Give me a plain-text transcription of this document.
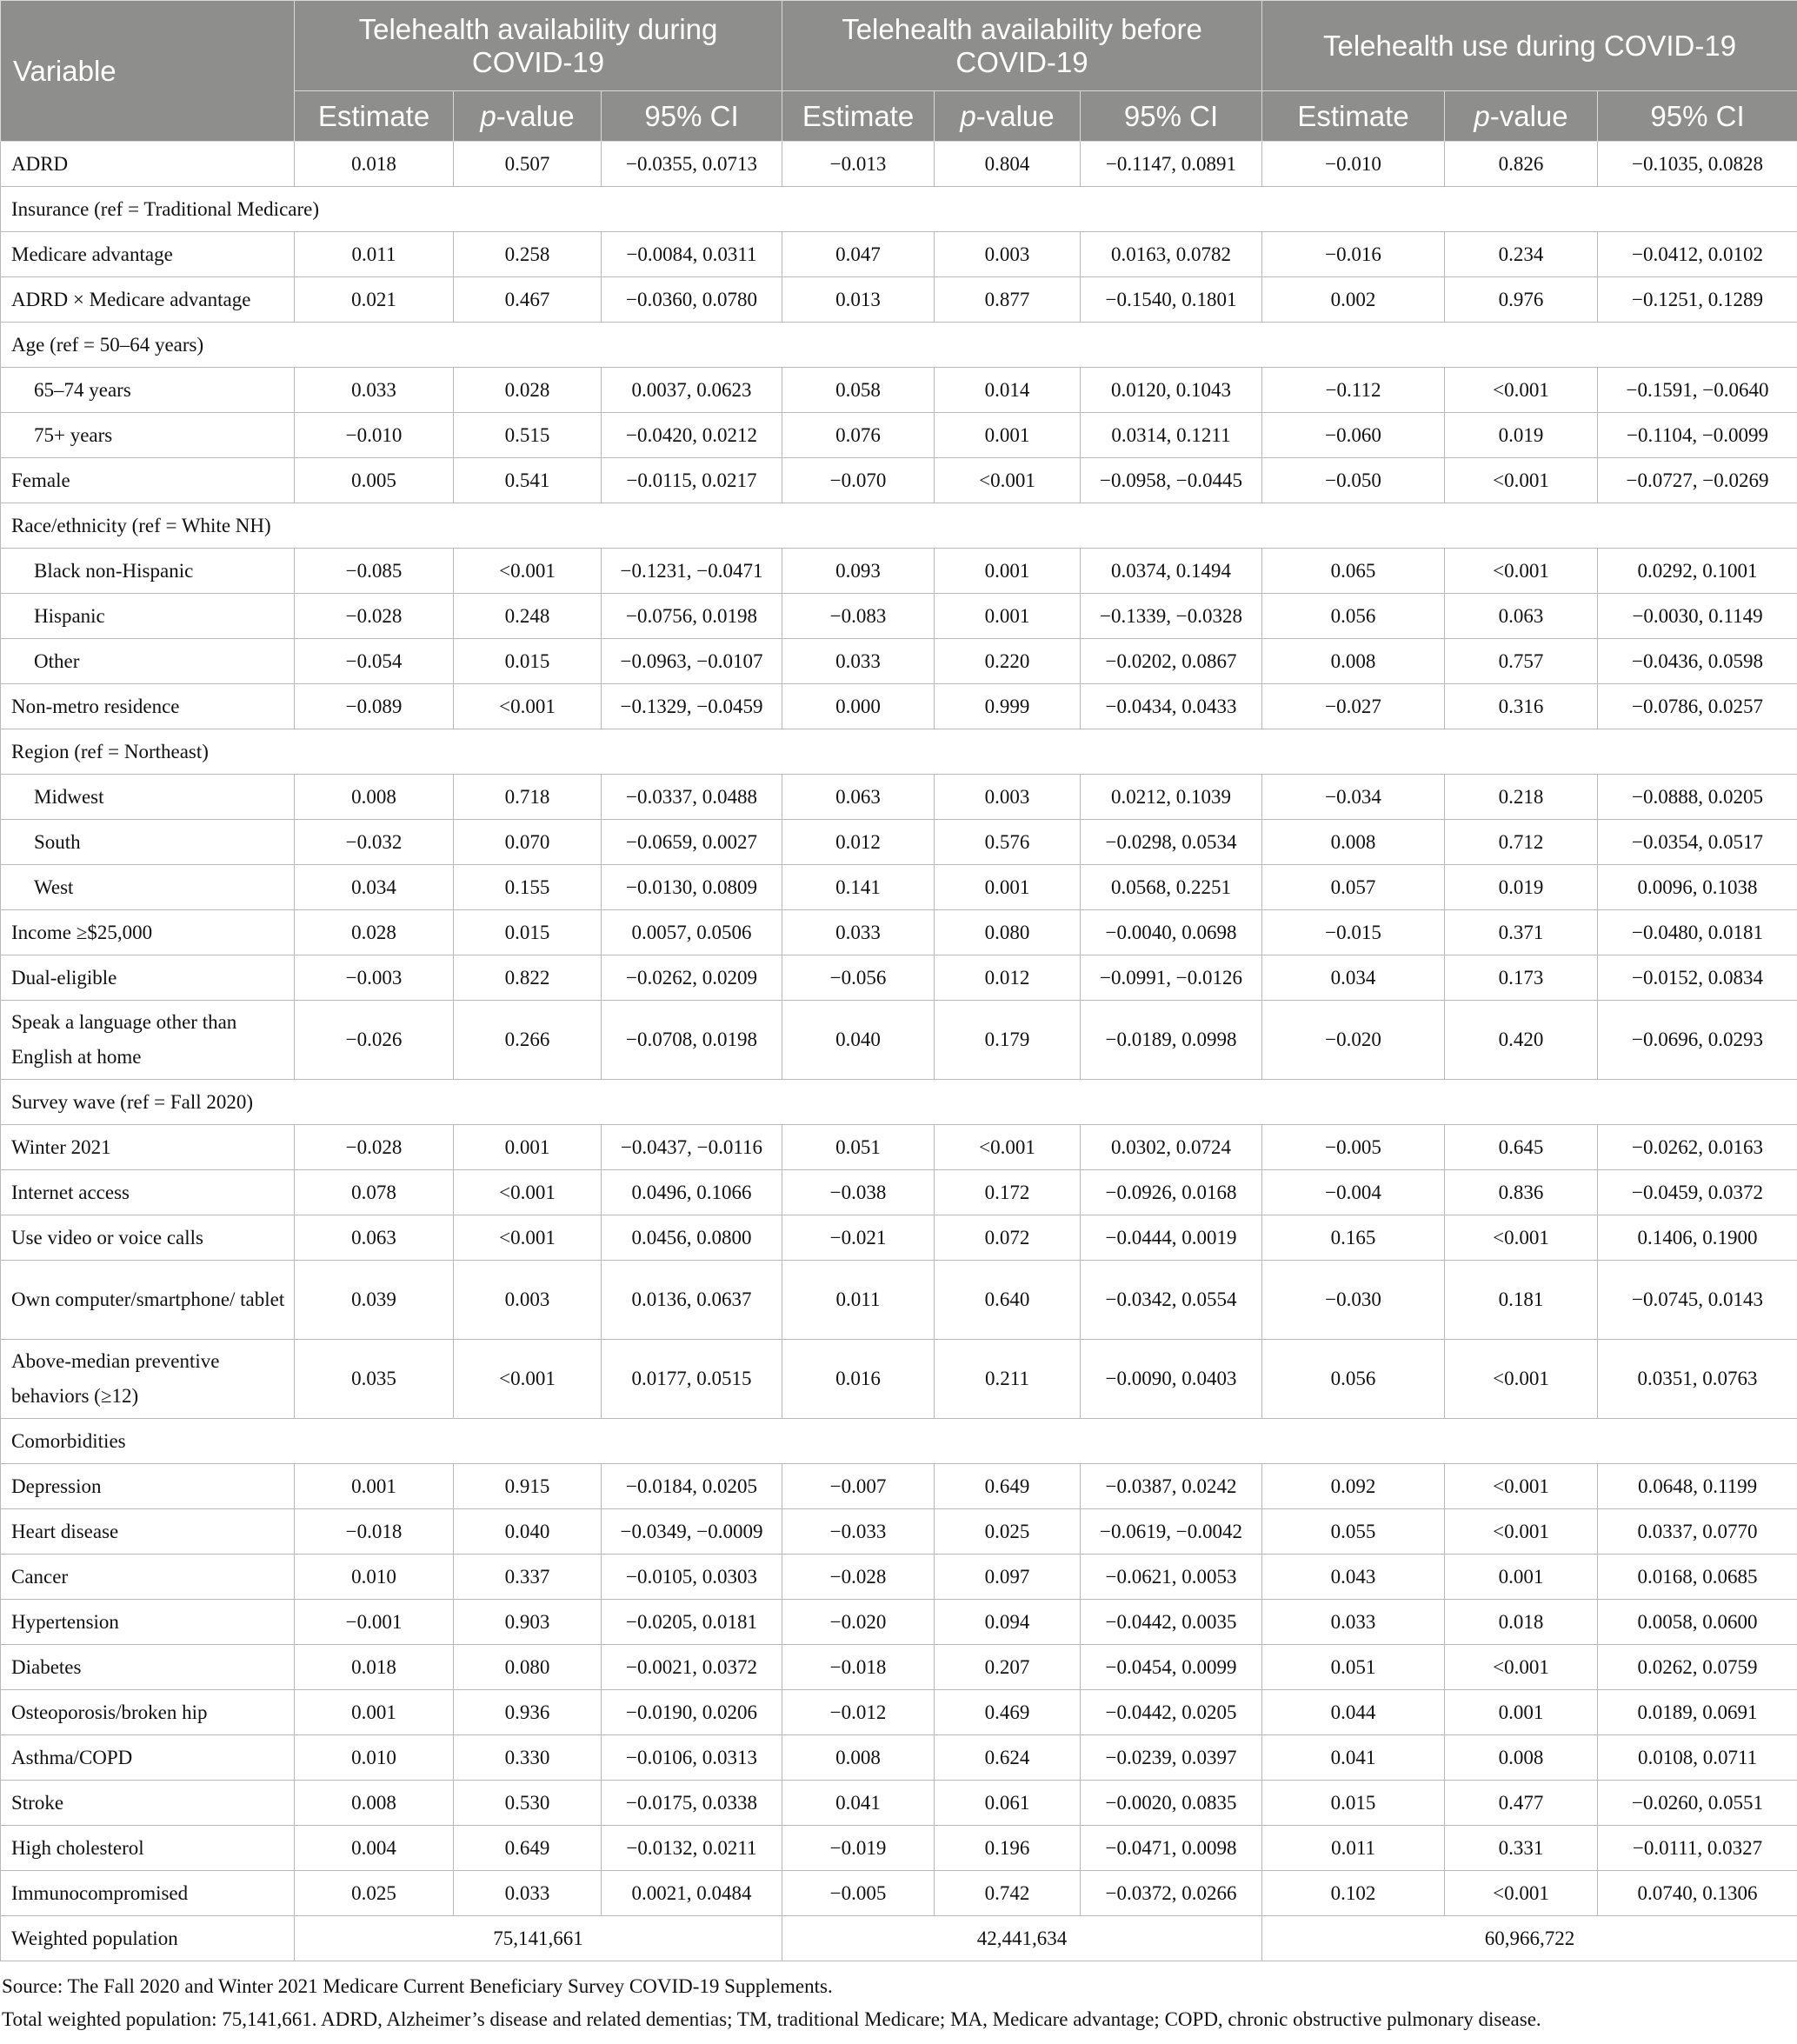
Variable	Telehealth availability during COVID-19			Telehealth availability before COVID-19			Telehealth use during COVID-19		
	Estimate	p-value	95% CI	Estimate	p-value	95% CI	Estimate	p-value	95% CI
ADRD	0.018	0.507	−0.0355, 0.0713	−0.013	0.804	−0.1147, 0.0891	−0.010	0.826	−0.1035, 0.0828
Insurance (ref = Traditional Medicare)									
Medicare advantage	0.011	0.258	−0.0084, 0.0311	0.047	0.003	0.0163, 0.0782	−0.016	0.234	−0.0412, 0.0102
ADRD × Medicare advantage	0.021	0.467	−0.0360, 0.0780	0.013	0.877	−0.1540, 0.1801	0.002	0.976	−0.1251, 0.1289
Age (ref = 50–64 years)									
65–74 years	0.033	0.028	0.0037, 0.0623	0.058	0.014	0.0120, 0.1043	−0.112	<0.001	−0.1591, −0.0640
75+ years	−0.010	0.515	−0.0420, 0.0212	0.076	0.001	0.0314, 0.1211	−0.060	0.019	−0.1104, −0.0099
Female	0.005	0.541	−0.0115, 0.0217	−0.070	<0.001	−0.0958, −0.0445	−0.050	<0.001	−0.0727, −0.0269
Race/ethnicity (ref = White NH)									
Black non-Hispanic	−0.085	<0.001	−0.1231, −0.0471	0.093	0.001	0.0374, 0.1494	0.065	<0.001	0.0292, 0.1001
Hispanic	−0.028	0.248	−0.0756, 0.0198	−0.083	0.001	−0.1339, −0.0328	0.056	0.063	−0.0030, 0.1149
Other	−0.054	0.015	−0.0963, −0.0107	0.033	0.220	−0.0202, 0.0867	0.008	0.757	−0.0436, 0.0598
Non-metro residence	−0.089	<0.001	−0.1329, −0.0459	0.000	0.999	−0.0434, 0.0433	−0.027	0.316	−0.0786, 0.0257
Region (ref = Northeast)									
Midwest	0.008	0.718	−0.0337, 0.0488	0.063	0.003	0.0212, 0.1039	−0.034	0.218	−0.0888, 0.0205
South	−0.032	0.070	−0.0659, 0.0027	0.012	0.576	−0.0298, 0.0534	0.008	0.712	−0.0354, 0.0517
West	0.034	0.155	−0.0130, 0.0809	0.141	0.001	0.0568, 0.2251	0.057	0.019	0.0096, 0.1038
Income ≥$25,000	0.028	0.015	0.0057, 0.0506	0.033	0.080	−0.0040, 0.0698	−0.015	0.371	−0.0480, 0.0181
Dual-eligible	−0.003	0.822	−0.0262, 0.0209	−0.056	0.012	−0.0991, −0.0126	0.034	0.173	−0.0152, 0.0834
Speak a language other than English at home	−0.026	0.266	−0.0708, 0.0198	0.040	0.179	−0.0189, 0.0998	−0.020	0.420	−0.0696, 0.0293
Survey wave (ref = Fall 2020)									
Winter 2021	−0.028	0.001	−0.0437, −0.0116	0.051	<0.001	0.0302, 0.0724	−0.005	0.645	−0.0262, 0.0163
Internet access	0.078	<0.001	0.0496, 0.1066	−0.038	0.172	−0.0926, 0.0168	−0.004	0.836	−0.0459, 0.0372
Use video or voice calls	0.063	<0.001	0.0456, 0.0800	−0.021	0.072	−0.0444, 0.0019	0.165	<0.001	0.1406, 0.1900
Own computer/smartphone/ tablet	0.039	0.003	0.0136, 0.0637	0.011	0.640	−0.0342, 0.0554	−0.030	0.181	−0.0745, 0.0143
Above-median preventive behaviors (≥12)	0.035	<0.001	0.0177, 0.0515	0.016	0.211	−0.0090, 0.0403	0.056	<0.001	0.0351, 0.0763
Comorbidities									
Depression	0.001	0.915	−0.0184, 0.0205	−0.007	0.649	−0.0387, 0.0242	0.092	<0.001	0.0648, 0.1199
Heart disease	−0.018	0.040	−0.0349, −0.0009	−0.033	0.025	−0.0619, −0.0042	0.055	<0.001	0.0337, 0.0770
Cancer	0.010	0.337	−0.0105, 0.0303	−0.028	0.097	−0.0621, 0.0053	0.043	0.001	0.0168, 0.0685
Hypertension	−0.001	0.903	−0.0205, 0.0181	−0.020	0.094	−0.0442, 0.0035	0.033	0.018	0.0058, 0.0600
Diabetes	0.018	0.080	−0.0021, 0.0372	−0.018	0.207	−0.0454, 0.0099	0.051	<0.001	0.0262, 0.0759
Osteoporosis/broken hip	0.001	0.936	−0.0190, 0.0206	−0.012	0.469	−0.0442, 0.0205	0.044	0.001	0.0189, 0.0691
Asthma/COPD	0.010	0.330	−0.0106, 0.0313	0.008	0.624	−0.0239, 0.0397	0.041	0.008	0.0108, 0.0711
Stroke	0.008	0.530	−0.0175, 0.0338	0.041	0.061	−0.0020, 0.0835	0.015	0.477	−0.0260, 0.0551
High cholesterol	0.004	0.649	−0.0132, 0.0211	−0.019	0.196	−0.0471, 0.0098	0.011	0.331	−0.0111, 0.0327
Immunocompromised	0.025	0.033	0.0021, 0.0484	−0.005	0.742	−0.0372, 0.0266	0.102	<0.001	0.0740, 0.1306
Weighted population	75,141,661			42,441,634			60,966,722		
Source: The Fall 2020 and Winter 2021 Medicare Current Beneficiary Survey COVID-19 Supplements.
Total weighted population: 75,141,661. ADRD, Alzheimer’s disease and related dementias; TM, traditional Medicare; MA, Medicare advantage; COPD, chronic obstructive pulmonary disease.
